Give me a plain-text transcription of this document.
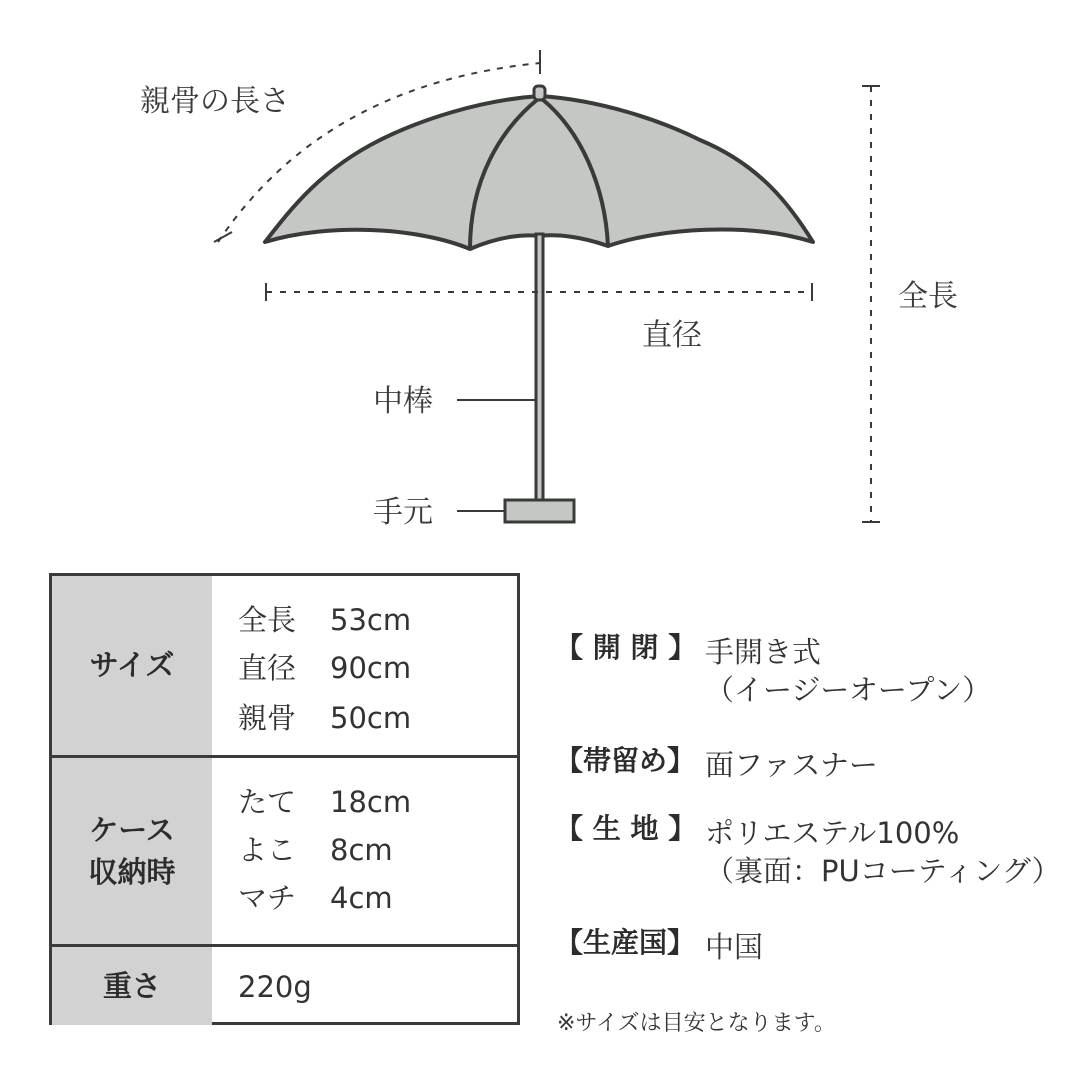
親骨の長さ
全長
直径
中棒
手元
サイズ
全長 53cm
直径 90cm
親骨 50cm
ケース
収納時
たて 18cm
よこ 8cm
マチ 4cm
重さ	220g
【 開 閉 】 手開き式
（イージーオープン）
【帯留め】 面ファスナー
【 生 地 】 ポリエステル100%
（裏面：PUコーティング）
【生産国】 中国
※サイズは目安となります。
